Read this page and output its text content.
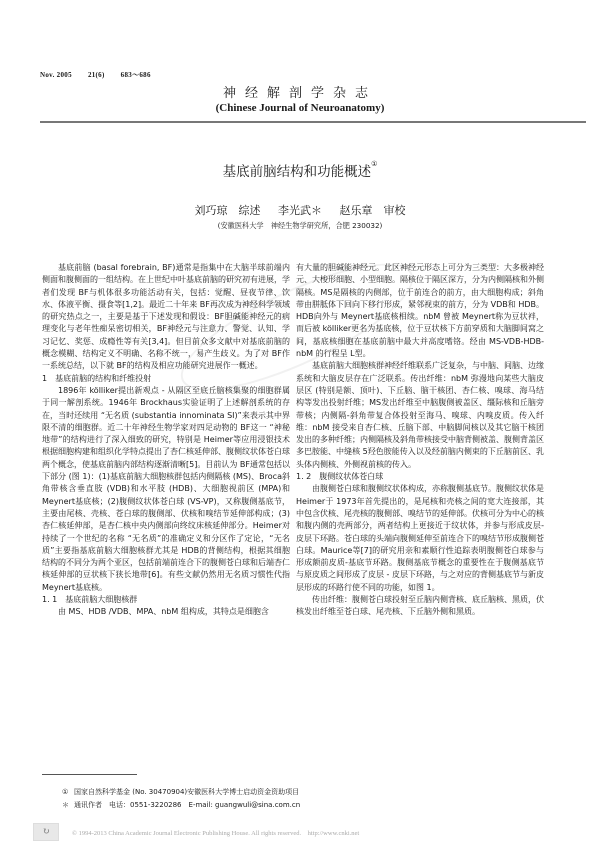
Nov. 2005 21(6) 683～686
神经解剖学杂志
(Chinese Journal of Neuroanatomy)
基底前脑结构和功能概述①
刘巧琼　综述 李光武＊ 赵乐章　审校
(安徽医科大学　神经生物学研究所，合肥 230032)

基底前脑 (basal forebrain, BF)通常是指集中在大脑半球前端内侧面和腹侧面的一组结构。在上世纪中叶基底前脑的研究初有进展，学者们发现 BF与机体很多功能活动有关，包括：觉醒、昼夜节律、饮水、体液平衡、摄食等[1,2]。最近二十年来 BF再次成为神经科学领域的研究热点之一，主要是基于下述发现和假设：BF胆碱能神经元的病理变化与老年性痴呆密切相关，BF神经元与注意力、警觉、认知、学习记忆、奖惩、成瘾性等有关[3,4]。但目前众多文献中对基底前脑的概念模糊、结构定义不明确、名称不统一，易产生歧义。为了对 BF作一系统总结，以下就 BF的结构及相应功能研究进展作一概述。

1 基底前脑的结构和纤维投射

1896年 kölliker提出新观点 - 从隔区至底丘脑核集聚的细胞群属于同一解剖系统。1946年 Brockhaus实验证明了上述解剖系统的存在，当时还续用 “无名质 (substantia innominata SI)”来表示其中界限不清的细胞群。近二十年神经生物学家对四足动物的 BF这一 “神秘地带”的结构进行了深入细致的研究，特别是 Heimer等应用浸银技术根据细胞构建和组织化学特点提出了杏仁核延伸部、腹侧纹状体苍白球两个概念，使基底前脑内部结构逐渐清晰[5]。目前认为 BF通常包括以下部分 (图 1)：(1)基底前脑大细胞核群包括内侧隔核 (MS)、Broca斜角带核含垂直肢 (VDB)和水平肢 (HDB)、大细胞视前区 (MPA)和 Meynert基底核；(2)腹侧纹状体苍白球 (VS-VP)，又称腹侧基底节，主要由尾核、壳核、苍白球的腹侧部、伏核和嗅结节延伸部构成；(3)杏仁核延伸部，是杏仁核中央内侧部向终纹床核延伸部分。Heimer对持续了一个世纪的名称 “无名质”的准确定义和分区作了定论，“无名质”主要指基底前脑大细胞核群尤其是 HDB的背侧结构，根据其细胞结构的不同分为两个亚区，包括前端前连合下的腹侧苍白球和后端杏仁核延伸部的豆状核下狭长地带[6]。有些文献仍然用无名质习惯性代指 Meynert基底核。

1. 1 基底前脑大细胞核群

由 MS、HDB /VDB、MPA、nbM 组构成，其特点是细胞含

有大量的胆碱能神经元。此区神经元形态上可分为三类型：大多极神经元、大梭形细胞、小型细胞。隔核位于隔区深方，分为内侧隔核和外侧隔核。MS是隔核的内侧部，位于前连合的前方，由大细胞构成；斜角带由胼胝体下回向下移行形成，紧邻视束的前方，分为 VDB和 HDB。HDB向外与 Meynert基底核相续。nbM 曾被 Meynert称为豆状袢，而后被 kölliker更名为基底核，位于豆状核下方前穿质和大脑脚间窝之间，基底核细胞在基底前脑中最大并高度嗜铬。经由 MS-VDB-HDB-nbM 的行程呈 L型。

基底前脑大细胞核群神经纤维联系广泛复杂，与中脑、间脑、边缘系统和大脑皮层存在广泛联系。传出纤维：nbM 弥漫地向某些大脑皮层区 (特别是额、顶叶)、下丘脑、脑干核团、杏仁核、嗅球、海马结构等发出投射纤维；MS发出纤维至中脑腹侧被盖区、缰际核和丘脑旁带核；内侧隔-斜角带复合体投射至海马、嗅球、内嗅皮质。传入纤维：nbM 接受来自杏仁核、丘脑下部、中脑脚间核以及其它脑干核团发出的多种纤维；内侧隔核及斜角带核接受中脑背侧被盖、腹侧背盖区多巴胺能、中缝核 5羟色胺能传入以及经前脑内侧束的下丘脑前区、乳头体内侧核、外侧视前核的传入。

1. 2 腹侧纹状体苍白球

由腹侧苍白球和腹侧纹状体构成，亦称腹侧基底节。腹侧纹状体是 Heimer于 1973年首先提出的，是尾核和壳核之间的宽大连接部，其中包含伏核、尾壳核的腹侧部、嗅结节的延伸部。伏核可分为中心的核和腹内侧的壳两部分，两者结构上更接近于纹状体，并参与形成皮层-皮层下环路。苍白球的头端向腹侧延伸至前连合下的嗅结节形成腹侧苍白球。Maurice等[7]的研究用亲和素顺行性追踪表明腹侧苍白球参与形成额前皮质-基底节环路。腹侧基底节概念的重要性在于腹侧基底节与原皮质之间形成了皮层 - 皮层下环路，与之对应的背侧基底节与新皮层形成的环路行使不同的功能，如图 1。

传出纤维：腹侧苍白球投射至丘脑内侧背核、底丘脑核、黑质，伏核发出纤维至苍白球、尾壳核、下丘脑外侧和黑质。

① 国家自然科学基金 (No. 30470904)安徽医科大学博士启动资金资助项目
＊ 通讯作者　电话：0551-3220286　E-mail: guangwuli@sina.com.cn
↻	© 1994-2013 China Academic Journal Electronic Publishing House. All rights reserved.　http://www.cnki.net
